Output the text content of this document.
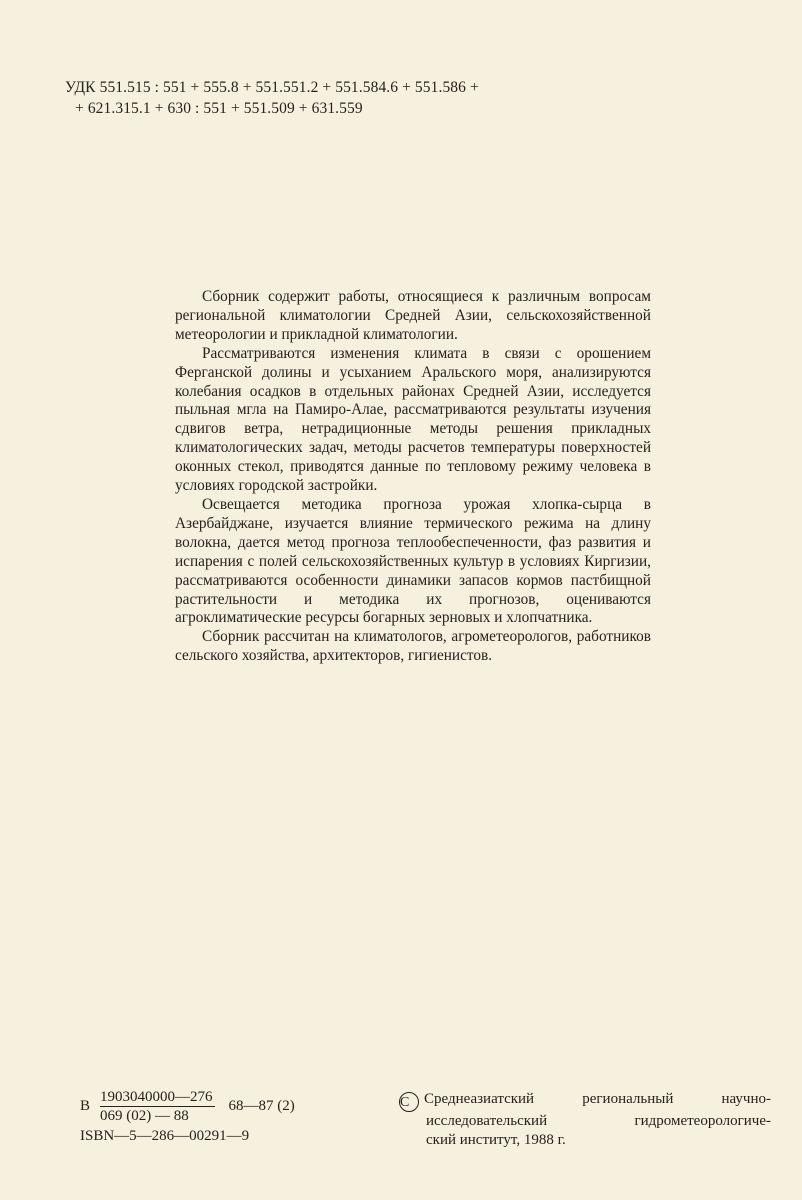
УДК 551.515 : 551 + 555.8 + 551.551.2 + 551.584.6 + 551.586 +
+ 621.315.1 + 630 : 551 + 551.509 + 631.559

Сборник содержит работы, относящиеся к различным вопросам региональной климатологии Средней Азии, сельскохозяйственной метеорологии и прикладной климатологии.

Рассматриваются изменения климата в связи с орошением Ферганской долины и усыханием Аральского моря, анализируются колебания осадков в отдельных районах Средней Азии, исследуется пыльная мгла на Памиро-Алае, рассматриваются результаты изучения сдвигов ветра, нетрадиционные методы решения прикладных климатологических задач, методы расчетов температуры поверхностей оконных стекол, приводятся данные по тепловому режиму человека в условиях городской застройки.

Освещается методика прогноза урожая хлопка-сырца в Азербайджане, изучается влияние термического режима на длину волокна, дается метод прогноза теплообеспеченности, фаз развития и испарения с полей сельскохозяйственных культур в условиях Киргизии, рассматриваются особенности динамики запасов кормов пастбищной растительности и методика их прогнозов, оцениваются агроклиматические ресурсы богарных зерновых и хлопчатника.

Сборник рассчитан на климатологов, агрометеорологов, работников сельского хозяйства, архитекторов, гигиенистов.

В $\frac{1903040000—276}{069 (02) — 88}$ 68—87 (2)
ISBN—5—286—00291—9
CСреднеазиатский региональный научно-
исследовательский гидрометеорологиче-
ский институт, 1988 г.
